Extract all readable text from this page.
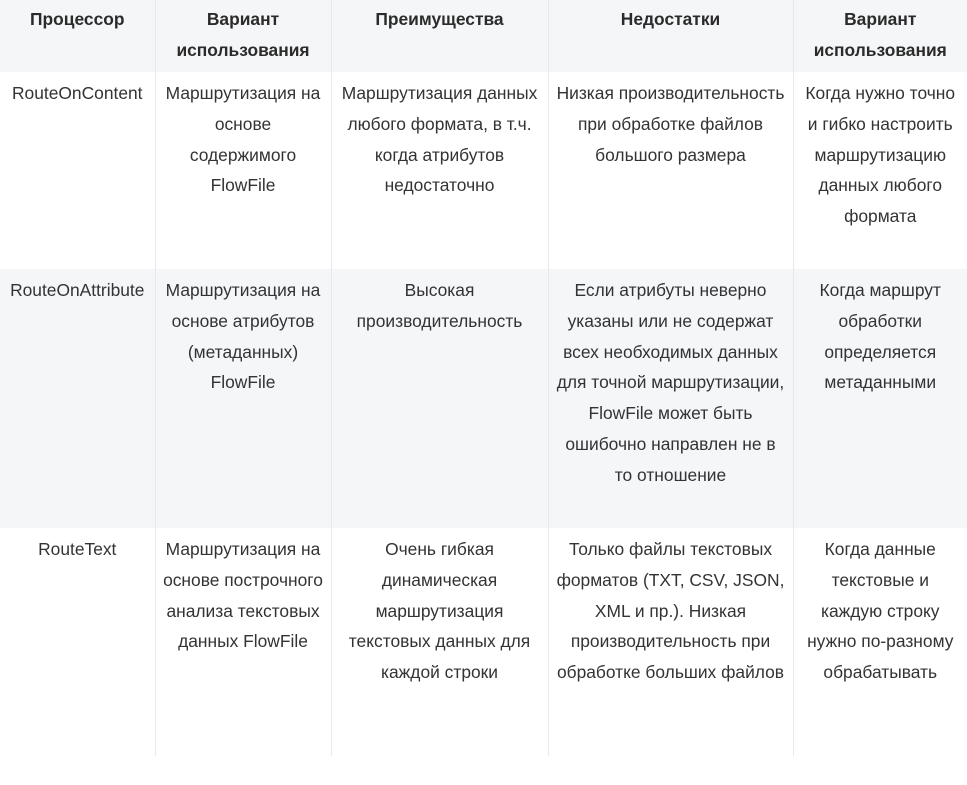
Процессор	Вариант использования	Преимущества	Недостатки	Вариант использования
RouteOnContent	Маршрутизация на основе содержимого FlowFile	Маршрутизация данных любого формата, в т.ч. когда атрибутов недостаточно	Низкая производительность при обработке файлов большого размера	Когда нужно точно и гибко настроить маршрутизацию данных любого формата
RouteOnAttribute	Маршрутизация на основе атрибутов (метаданных) FlowFile	Высокая производительность	Если атрибуты неверно указаны или не содержат всех необходимых данных для точной маршрутизации, FlowFile может быть ошибочно направлен не в то отношение	Когда маршрут обработки определяется метаданными
RouteText	Маршрутизация на основе построчного анализа текстовых данных FlowFile	Очень гибкая динамическая маршрутизация текстовых данных для каждой строки	Только файлы текстовых форматов (TXT, CSV, JSON, XML и пр.). Низкая производительность при обработке больших файлов	Когда данные текстовые и каждую строку нужно по-разному обрабатывать
